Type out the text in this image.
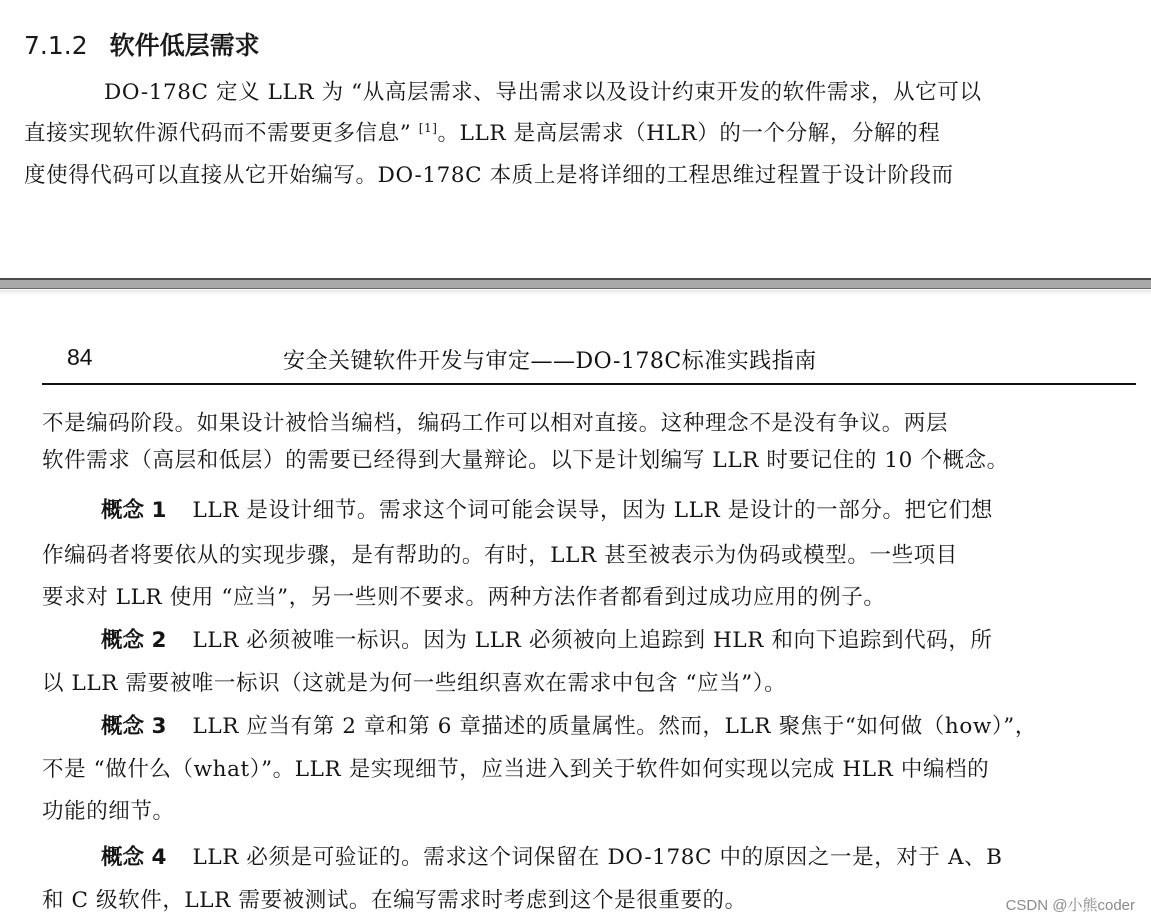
7.1.2 软件低层需求
DO-178C 定义 LLR 为 “从高层需求、导出需求以及设计约束开发的软件需求，从它可以
直接实现软件源代码而不需要更多信息” [1]。LLR 是高层需求（HLR）的一个分解，分解的程
度使得代码可以直接从它开始编写。DO-178C 本质上是将详细的工程思维过程置于设计阶段而
84	安全关键软件开发与审定——DO-178C标准实践指南
不是编码阶段。如果设计被恰当编档，编码工作可以相对直接。这种理念不是没有争议。两层
软件需求（高层和低层）的需要已经得到大量辩论。以下是计划编写 LLR 时要记住的 10 个概念。
概念 1 LLR 是设计细节。需求这个词可能会误导，因为 LLR 是设计的一部分。把它们想
作编码者将要依从的实现步骤，是有帮助的。有时，LLR 甚至被表示为伪码或模型。一些项目
要求对 LLR 使用 “应当”，另一些则不要求。两种方法作者都看到过成功应用的例子。
概念 2 LLR 必须被唯一标识。因为 LLR 必须被向上追踪到 HLR 和向下追踪到代码，所
以 LLR 需要被唯一标识（这就是为何一些组织喜欢在需求中包含 “应当”）。
概念 3 LLR 应当有第 2 章和第 6 章描述的质量属性。然而，LLR 聚焦于“如何做（how）”，
不是 “做什么（what）”。LLR 是实现细节，应当进入到关于软件如何实现以完成 HLR 中编档的
功能的细节。
概念 4 LLR 必须是可验证的。需求这个词保留在 DO-178C 中的原因之一是，对于 A、B
和 C 级软件，LLR 需要被测试。在编写需求时考虑到这个是很重要的。	CSDN @小熊coder
